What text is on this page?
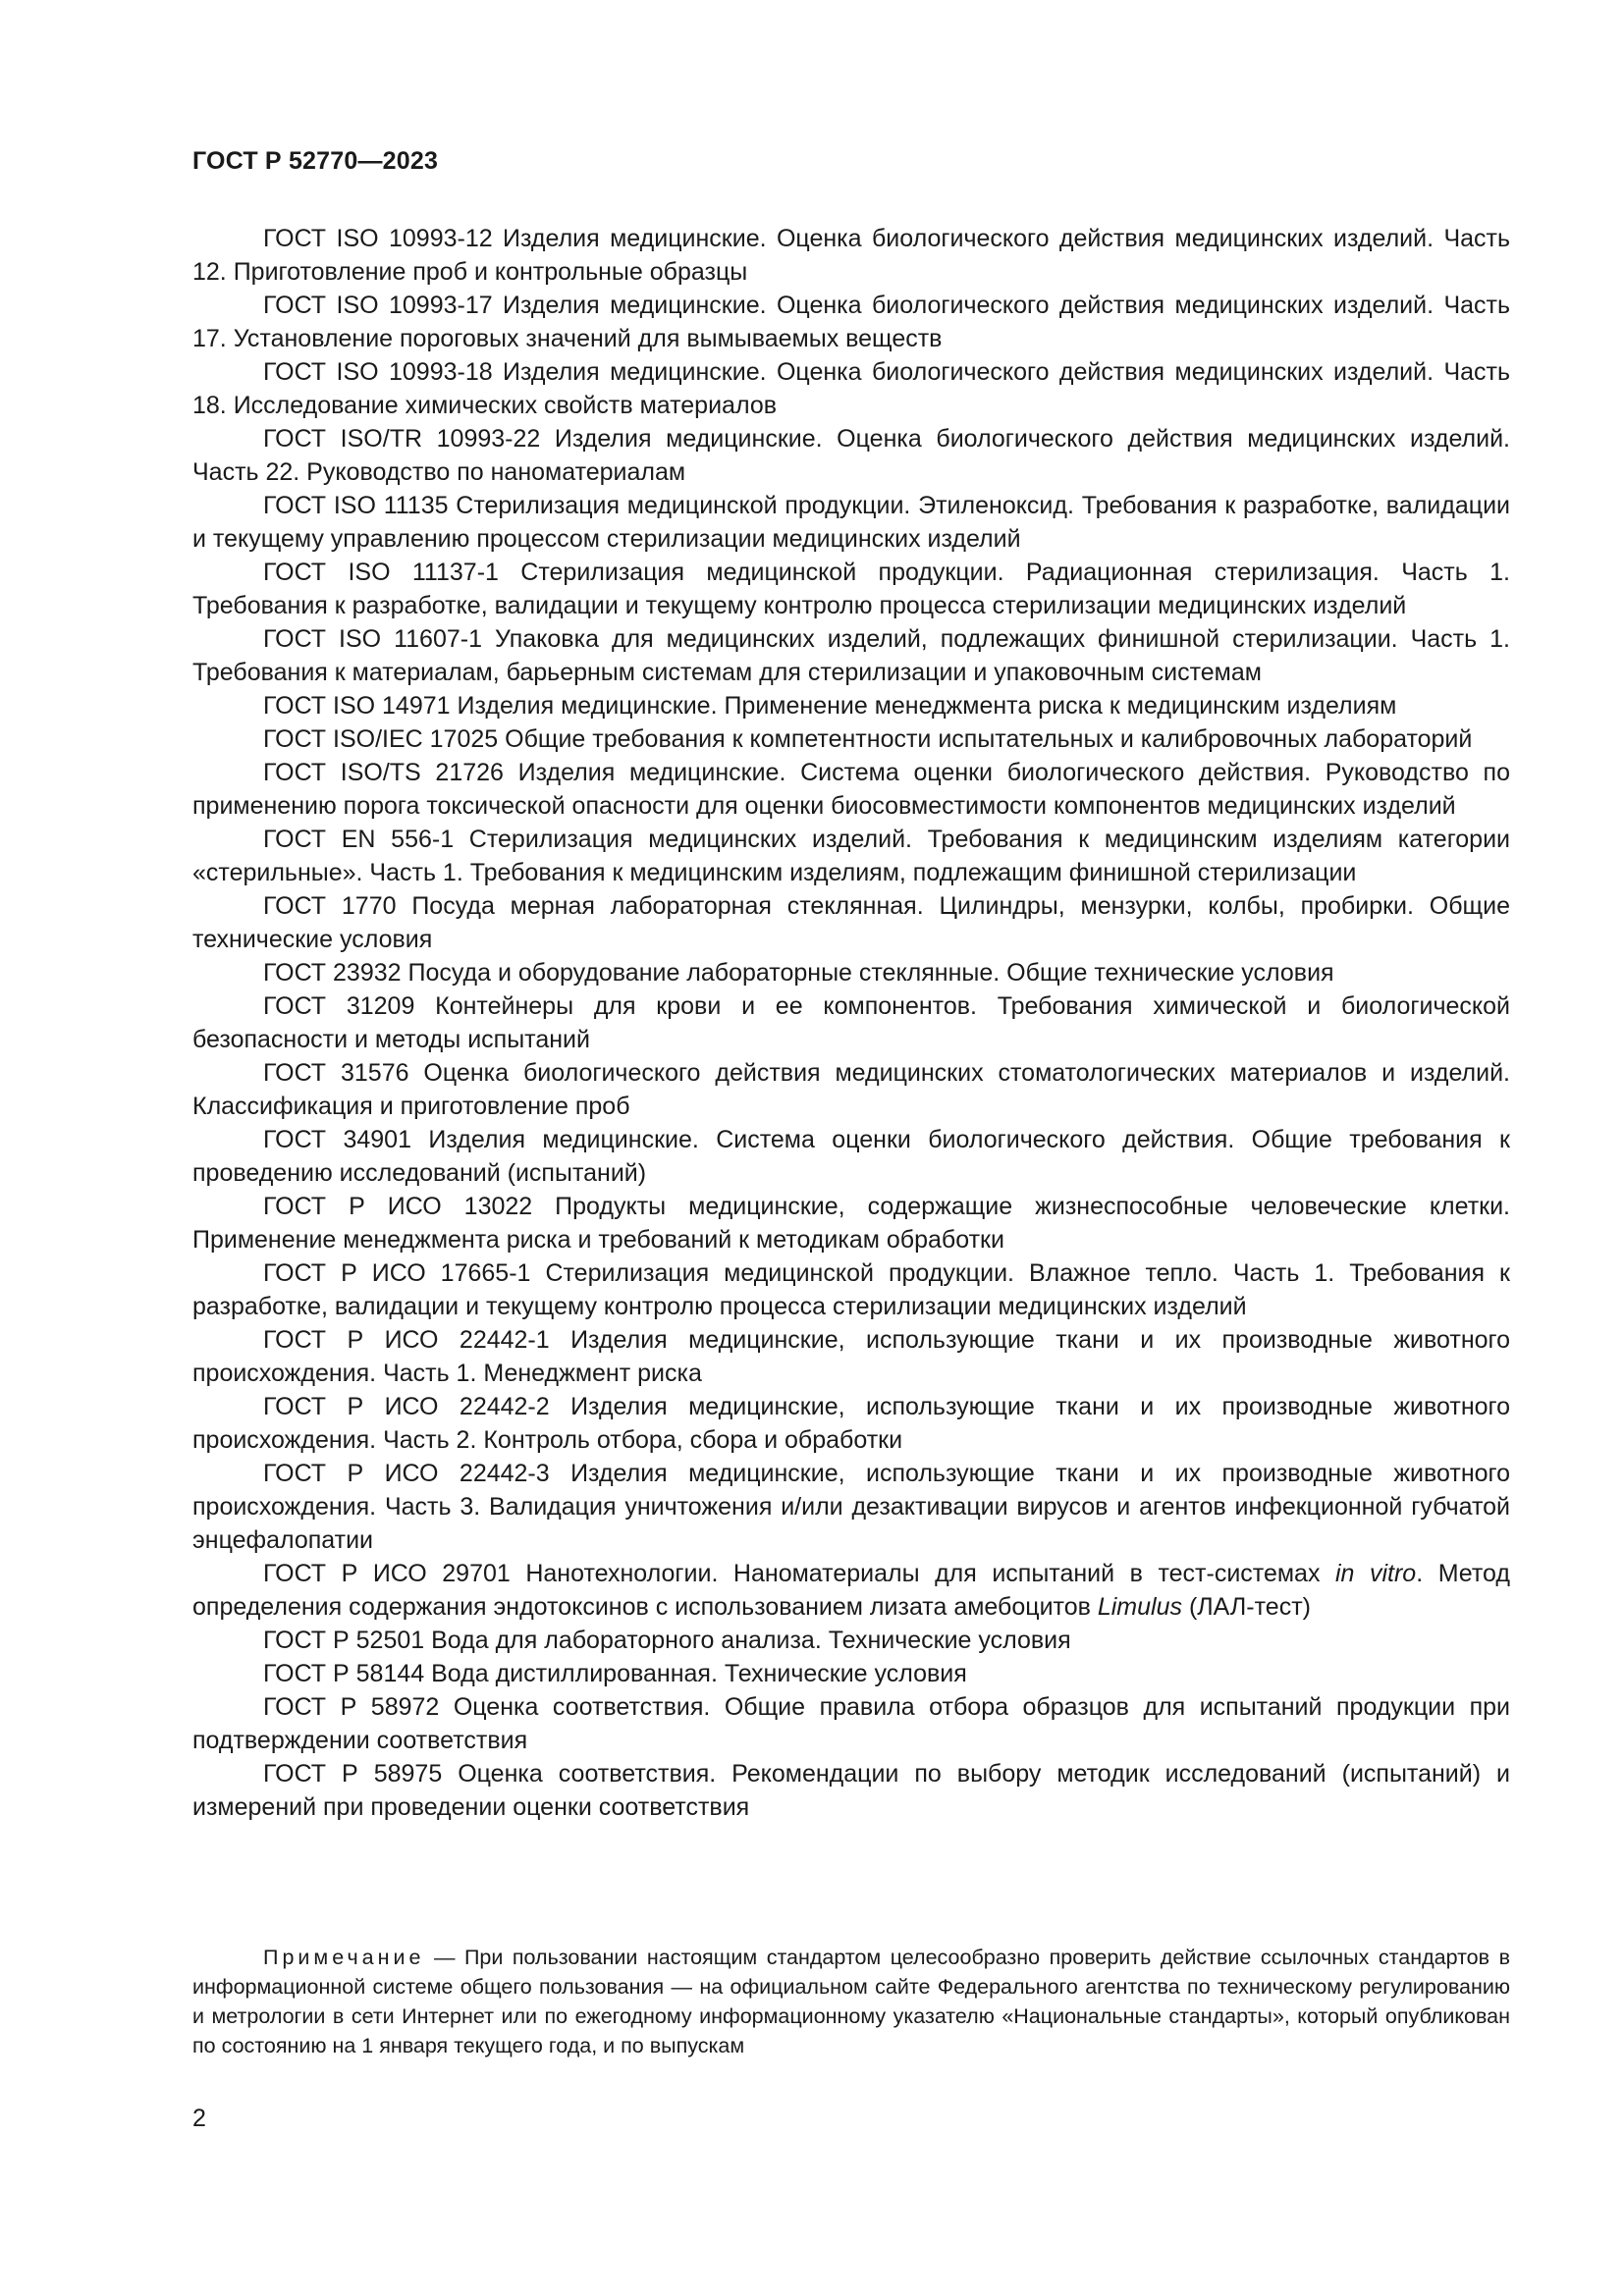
ГОСТ Р 52770—2023

ГОСТ ISO 10993-12 Изделия медицинские. Оценка биологического действия медицинских изделий. Часть 12. Приготовление проб и контрольные образцы

ГОСТ ISO 10993-17 Изделия медицинские. Оценка биологического действия медицинских изделий. Часть 17. Установление пороговых значений для вымываемых веществ

ГОСТ ISO 10993-18 Изделия медицинские. Оценка биологического действия медицинских изделий. Часть 18. Исследование химических свойств материалов

ГОСТ ISO/TR 10993-22 Изделия медицинские. Оценка биологического действия медицинских изделий. Часть 22. Руководство по наноматериалам

ГОСТ ISO 11135 Стерилизация медицинской продукции. Этиленоксид. Требования к разработке, валидации и текущему управлению процессом стерилизации медицинских изделий

ГОСТ ISO 11137-1 Стерилизация медицинской продукции. Радиационная стерилизация. Часть 1. Требования к разработке, валидации и текущему контролю процесса стерилизации медицинских изделий

ГОСТ ISO 11607-1 Упаковка для медицинских изделий, подлежащих финишной стерилизации. Часть 1. Требования к материалам, барьерным системам для стерилизации и упаковочным системам

ГОСТ ISO 14971 Изделия медицинские. Применение менеджмента риска к медицинским изделиям

ГОСТ ISO/IEC 17025 Общие требования к компетентности испытательных и калибровочных лабораторий

ГОСТ ISO/TS 21726 Изделия медицинские. Система оценки биологического действия. Руководство по применению порога токсической опасности для оценки биосовместимости компонентов медицинских изделий

ГОСТ EN 556-1 Стерилизация медицинских изделий. Требования к медицинским изделиям категории «стерильные». Часть 1. Требования к медицинским изделиям, подлежащим финишной стерилизации

ГОСТ 1770 Посуда мерная лабораторная стеклянная. Цилиндры, мензурки, колбы, пробирки. Общие технические условия

ГОСТ 23932 Посуда и оборудование лабораторные стеклянные. Общие технические условия

ГОСТ 31209 Контейнеры для крови и ее компонентов. Требования химической и биологической безопасности и методы испытаний

ГОСТ 31576 Оценка биологического действия медицинских стоматологических материалов и изделий. Классификация и приготовление проб

ГОСТ 34901 Изделия медицинские. Система оценки биологического действия. Общие требования к проведению исследований (испытаний)

ГОСТ Р ИСО 13022 Продукты медицинские, содержащие жизнеспособные человеческие клетки. Применение менеджмента риска и требований к методикам обработки

ГОСТ Р ИСО 17665-1 Стерилизация медицинской продукции. Влажное тепло. Часть 1. Требования к разработке, валидации и текущему контролю процесса стерилизации медицинских изделий

ГОСТ Р ИСО 22442-1 Изделия медицинские, использующие ткани и их производные животного происхождения. Часть 1. Менеджмент риска

ГОСТ Р ИСО 22442-2 Изделия медицинские, использующие ткани и их производные животного происхождения. Часть 2. Контроль отбора, сбора и обработки

ГОСТ Р ИСО 22442-3 Изделия медицинские, использующие ткани и их производные животного происхождения. Часть 3. Валидация уничтожения и/или дезактивации вирусов и агентов инфекционной губчатой энцефалопатии

ГОСТ Р ИСО 29701 Нанотехнологии. Наноматериалы для испытаний в тест-системах in vitro. Метод определения содержания эндотоксинов с использованием лизата амебоцитов Limulus (ЛАЛ-тест)

ГОСТ Р 52501 Вода для лабораторного анализа. Технические условия

ГОСТ Р 58144 Вода дистиллированная. Технические условия

ГОСТ Р 58972 Оценка соответствия. Общие правила отбора образцов для испытаний продукции при подтверждении соответствия

ГОСТ Р 58975 Оценка соответствия. Рекомендации по выбору методик исследований (испытаний) и измерений при проведении оценки соответствия

Примечание — При пользовании настоящим стандартом целесообразно проверить действие ссылочных стандартов в информационной системе общего пользования — на официальном сайте Федерального агентства по техническому регулированию и метрологии в сети Интернет или по ежегодному информационному указателю «Национальные стандарты», который опубликован по состоянию на 1 января текущего года, и по выпускам

2
